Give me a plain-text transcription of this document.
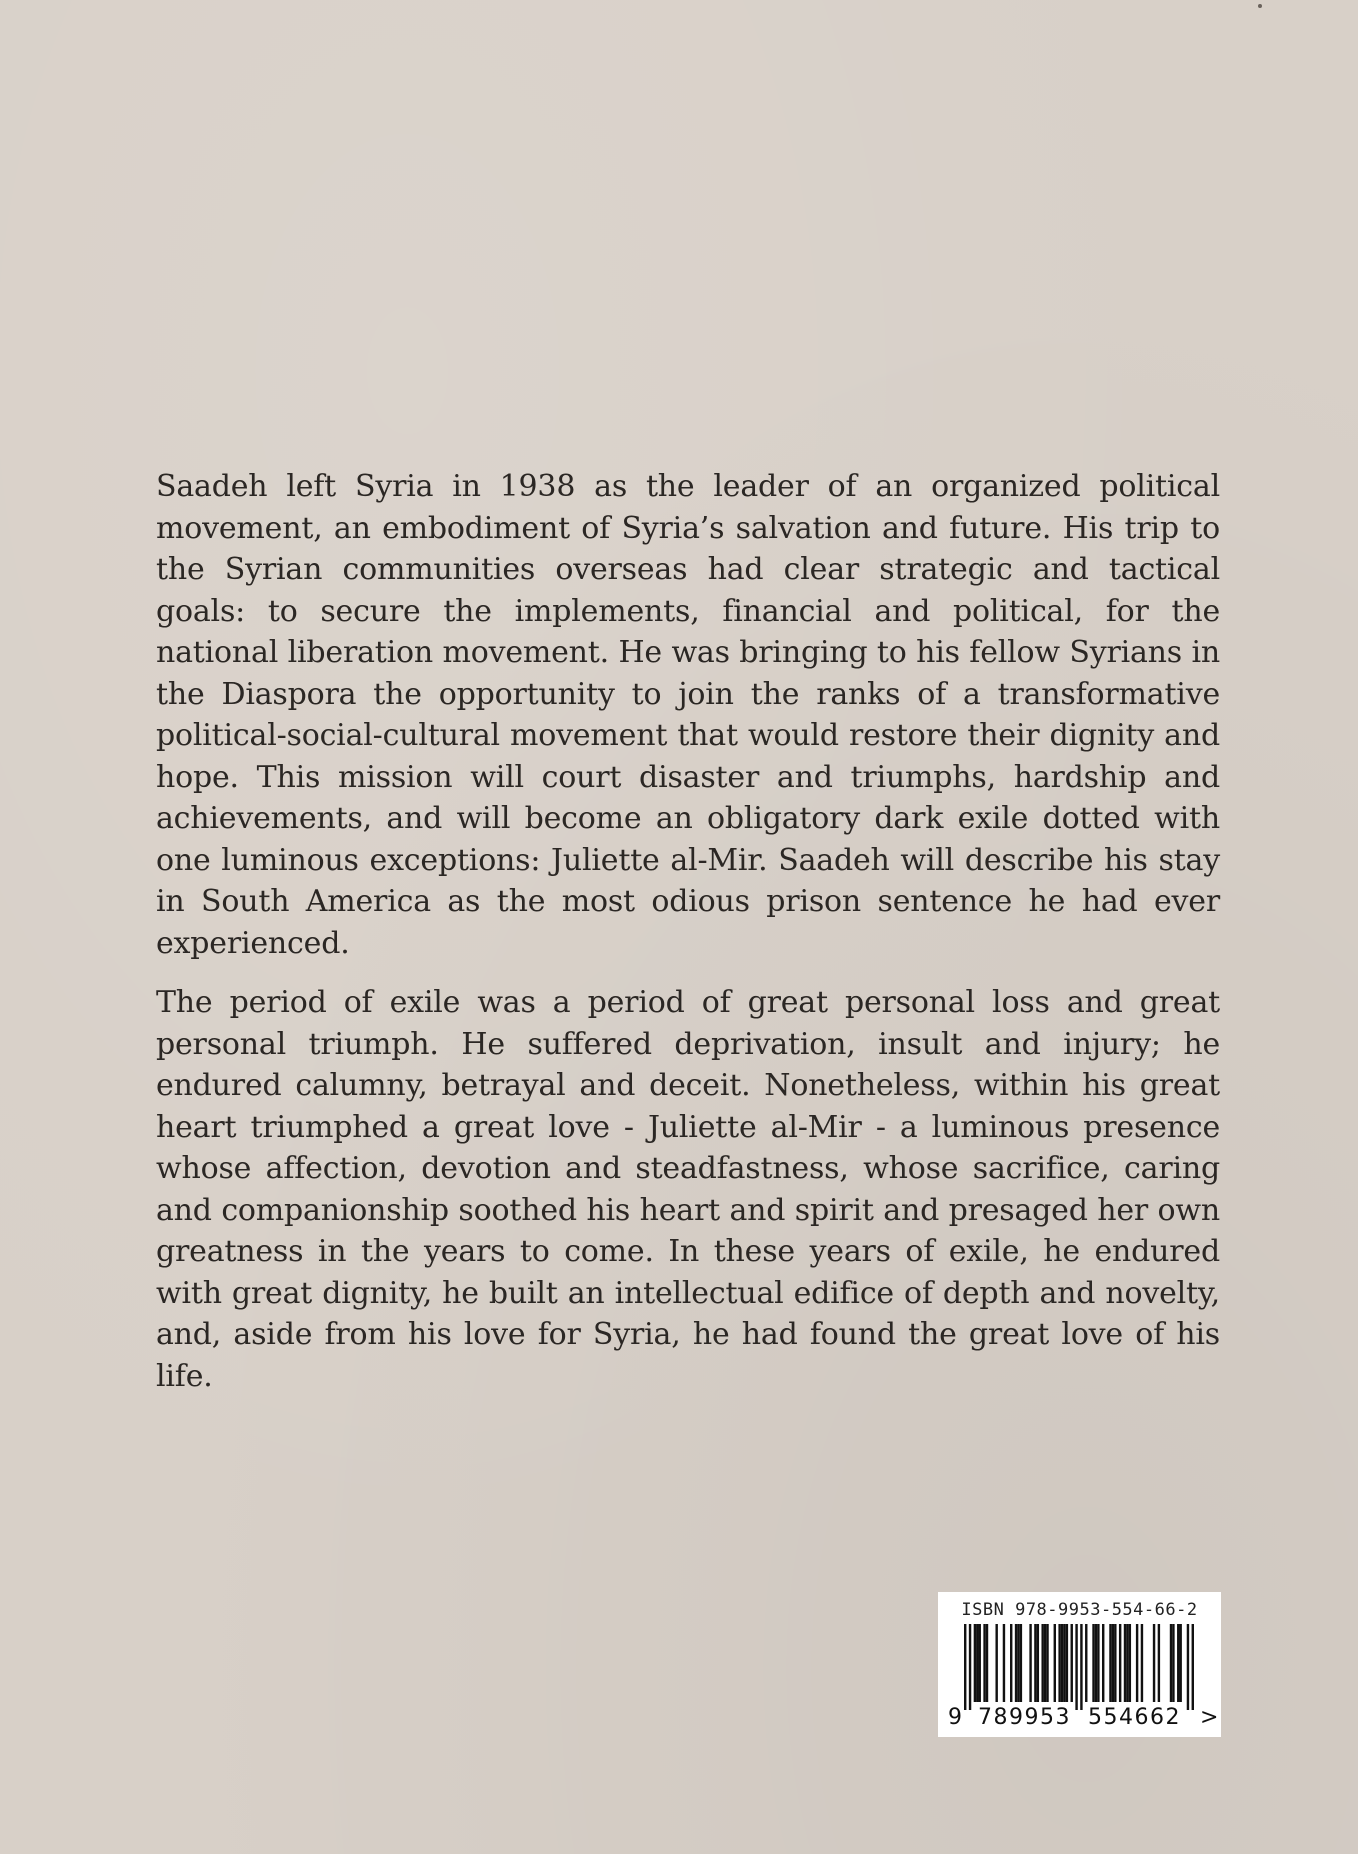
Saadeh left Syria in 1938 as the leader of an organized political movement, an embodiment of Syria’s salvation and future. His trip to the Syrian communities overseas had clear strategic and tactical goals: to secure the implements, financial and political, for the national liberation movement. He was bringing to his fellow Syrians in the Diaspora the opportunity to join the ranks of a transformative political-social-cultural movement that would restore their dignity and hope. This mission will court disaster and triumphs, hardship and achievements, and will become an obligatory dark exile dotted with one luminous exceptions: Juliette al-Mir. Saadeh will describe his stay in South America as the most odious prison sentence he had ever experienced.

The period of exile was a period of great personal loss and great personal triumph. He suffered deprivation, insult and injury; he endured calumny, betrayal and deceit. Nonetheless, within his great heart triumphed a great love - Juliette al-Mir - a luminous presence whose affection, devotion and steadfastness, whose sacrifice, caring and companionship soothed his heart and spirit and presaged her own greatness in the years to come. In these years of exile, he endured with great dignity, he built an intellectual edifice of depth and novelty, and, aside from his love for Syria, he had found the great love of his life.

ISBN 978-9953-554-66-2
9 789953 554662 >
